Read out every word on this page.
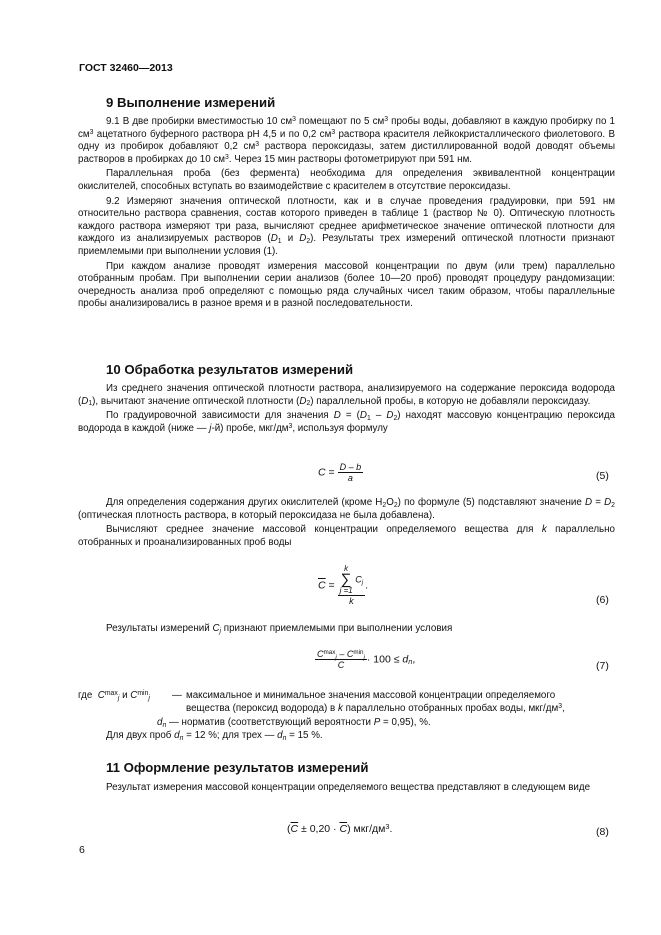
ГОСТ 32460—2013
9 Выполнение измерений

9.1 В две пробирки вместимостью 10 $см^3$ помещают по 5 $см^3$ пробы воды, добавляют в каждую пробирку по 1 $см^3$ ацетатного буферного раствора рН 4,5 и по 0,2 $см^3$ раствора красителя лейкокристаллического фиолетового. В одну из пробирок добавляют 0,2 $см^3$ раствора пероксидазы, затем дистиллированной водой доводят объемы растворов в пробирках до 10 $см^3$. Через 15 мин растворы фотометрируют при 591 нм.

Параллельная проба (без фермента) необходима для определения эквивалентной концентрации окислителей, способных вступать во взаимодействие с красителем в отсутствие пероксидазы.

9.2 Измеряют значения оптической плотности, как и в случае проведения градуировки, при 591 нм относительно раствора сравнения, состав которого приведен в таблице 1 (раствор № 0). Оптическую плотность каждого раствора измеряют три раза, вычисляют среднее арифметическое значение оптической плотности для каждого из анализируемых растворов ($D_1$ и $D_2$). Результаты трех измерений оптической плотности признают приемлемыми при выполнении условия (1).

При каждом анализе проводят измерения массовой концентрации по двум (или трем) параллельно отобранным пробам. При выполнении серии анализов (более 10—20 проб) проводят процедуру рандомизации: очередность анализа проб определяют с помощью ряда случайных чисел таким образом, чтобы параллельные пробы анализировались в разное время и в разной последовательности.

10 Обработка результатов измерений

Из среднего значения оптической плотности раствора, анализируемого на содержание пероксида водорода $(D_1)$, вычитают значение оптической плотности $(D_2)$ параллельной пробы, в которую не добавляли пероксидазу.

По градуировочной зависимости для значения $D = (D_1 - D_2)$ находят массовую концентрацию пероксида водорода в каждой (ниже — j-й) пробе, мкг/$дм^3$, используя формулу

$C = \frac{D - b}{a}$	(5)

Для определения содержания других окислителей (кроме $Н_2О_2$) по формуле (5) подставляют значение $D = D_2$ (оптическая плотность раствора, в который пероксидаза не была добавлена).

Вычисляют среднее значение массовой концентрации определяемого вещества для k параллельно отобранных и проанализированных проб воды

$\overline{C} = k$
∑
j =1
$C_j$
k .
(6)

Результаты измерений $C_j$ признают приемлемыми при выполнении условия

$\frac{C^{max}_j - C^{min}_j}{C} \cdot 100 \le d_n$,
(7)
где $C^{max}_j$ и $C^{min}_j$ — максимальное и минимальное значения массовой концентрации определяемого
вещества (пероксид водорода) в k параллельно отобранных пробах воды, мкг/$дм^3$,
$d_n$ — норматив (соответствующий вероятности P = 0,95), %.
Для двух проб $d_n = 12$ %; для трех — $d_n = 15$ %.
11 Оформление результатов измерений

Результат измерения массовой концентрации определяемого вещества представляют в следующем виде

$(\overline{C} \pm 0,20 \cdot \overline{C})$ мкг/$дм^3$.	(8)
6
